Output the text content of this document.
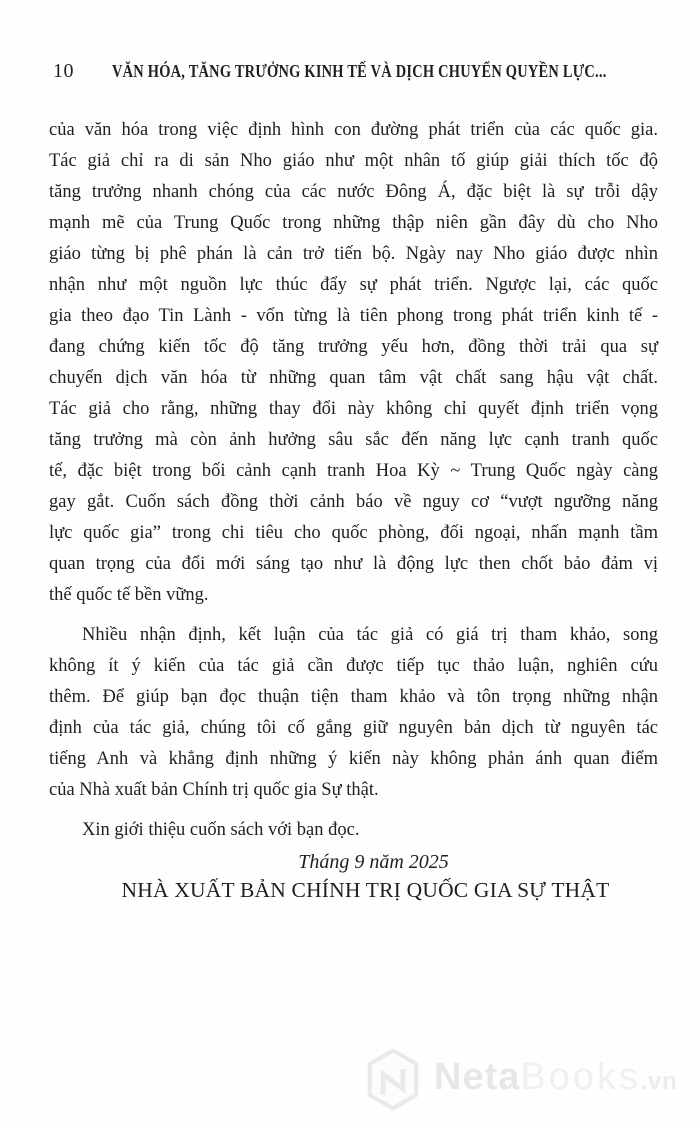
10 VĂN HÓA, TĂNG TRƯỞNG KINH TẾ VÀ DỊCH CHUYỂN QUYỀN LỰC...
của văn hóa trong việc định hình con đường phát triển của các quốc gia.
Tác giả chỉ ra di sản Nho giáo như một nhân tố giúp giải thích tốc độ
tăng trưởng nhanh chóng của các nước Đông Á, đặc biệt là sự trỗi dậy
mạnh mẽ của Trung Quốc trong những thập niên gần đây dù cho Nho
giáo từng bị phê phán là cản trở tiến bộ. Ngày nay Nho giáo được nhìn
nhận như một nguồn lực thúc đẩy sự phát triển. Ngược lại, các quốc
gia theo đạo Tin Lành - vốn từng là tiên phong trong phát triển kinh tế -
đang chứng kiến tốc độ tăng trưởng yếu hơn, đồng thời trải qua sự
chuyển dịch văn hóa từ những quan tâm vật chất sang hậu vật chất.
Tác giả cho rằng, những thay đổi này không chỉ quyết định triển vọng
tăng trưởng mà còn ảnh hưởng sâu sắc đến năng lực cạnh tranh quốc
tế, đặc biệt trong bối cảnh cạnh tranh Hoa Kỳ ~ Trung Quốc ngày càng
gay gắt. Cuốn sách đồng thời cảnh báo về nguy cơ “vượt ngưỡng năng
lực quốc gia” trong chi tiêu cho quốc phòng, đối ngoại, nhấn mạnh tầm
quan trọng của đổi mới sáng tạo như là động lực then chốt bảo đảm vị
thế quốc tế bền vững.
Nhiều nhận định, kết luận của tác giả có giá trị tham khảo, song
không ít ý kiến của tác giả cần được tiếp tục thảo luận, nghiên cứu
thêm. Để giúp bạn đọc thuận tiện tham khảo và tôn trọng những nhận
định của tác giả, chúng tôi cố gắng giữ nguyên bản dịch từ nguyên tác
tiếng Anh và khẳng định những ý kiến này không phản ánh quan điểm
của Nhà xuất bản Chính trị quốc gia Sự thật.
Xin giới thiệu cuốn sách với bạn đọc.
Tháng 9 năm 2025
NHÀ XUẤT BẢN CHÍNH TRỊ QUỐC GIA SỰ THẬT
NetaBooks.vn
